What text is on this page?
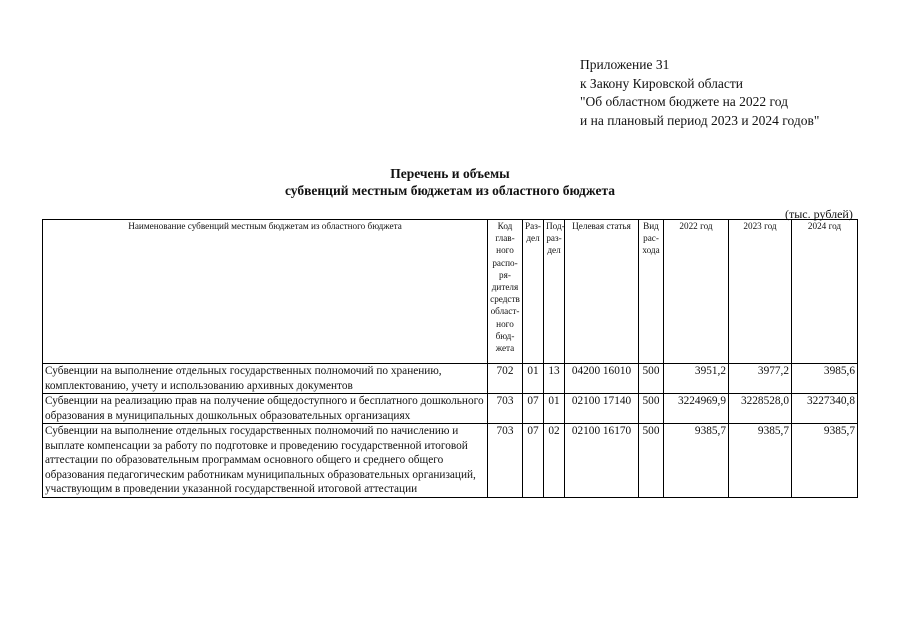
Приложение 31
к Закону Кировской области
"Об областном бюджете на 2022 год
и на плановый период 2023 и 2024 годов"
Перечень и объемы
субвенций местным бюджетам из областного бюджета
(тыс. рублей)
Наименование субвенций местным бюджетам из областного бюджета	Код глав- ного распо- ря- дителя средств област- ного бюд- жета	Раз- дел	Под- раз- дел	Целевая статья	Вид рас- хода	2022 год	2023 год	2024 год
Субвенции на выполнение отдельных государственных полномочий по хранению, комплектованию, учету и использованию архивных документов	702	01	13	04200 16010	500	3951,2	3977,2	3985,6
Субвенции на реализацию прав на получение общедоступного и бесплатного дошкольного образования в муниципальных дошкольных образовательных организациях	703	07	01	02100 17140	500	3224969,9	3228528,0	3227340,8
Субвенции на выполнение отдельных государственных полномочий по начислению и выплате компенсации за работу по подготовке и проведению государственной итоговой аттестации по образовательным программам основного общего и среднего общего образования педагогическим работникам муниципальных образовательных организаций, участвующим в проведении указанной государственной итоговой аттестации	703	07	02	02100 16170	500	9385,7	9385,7	9385,7
